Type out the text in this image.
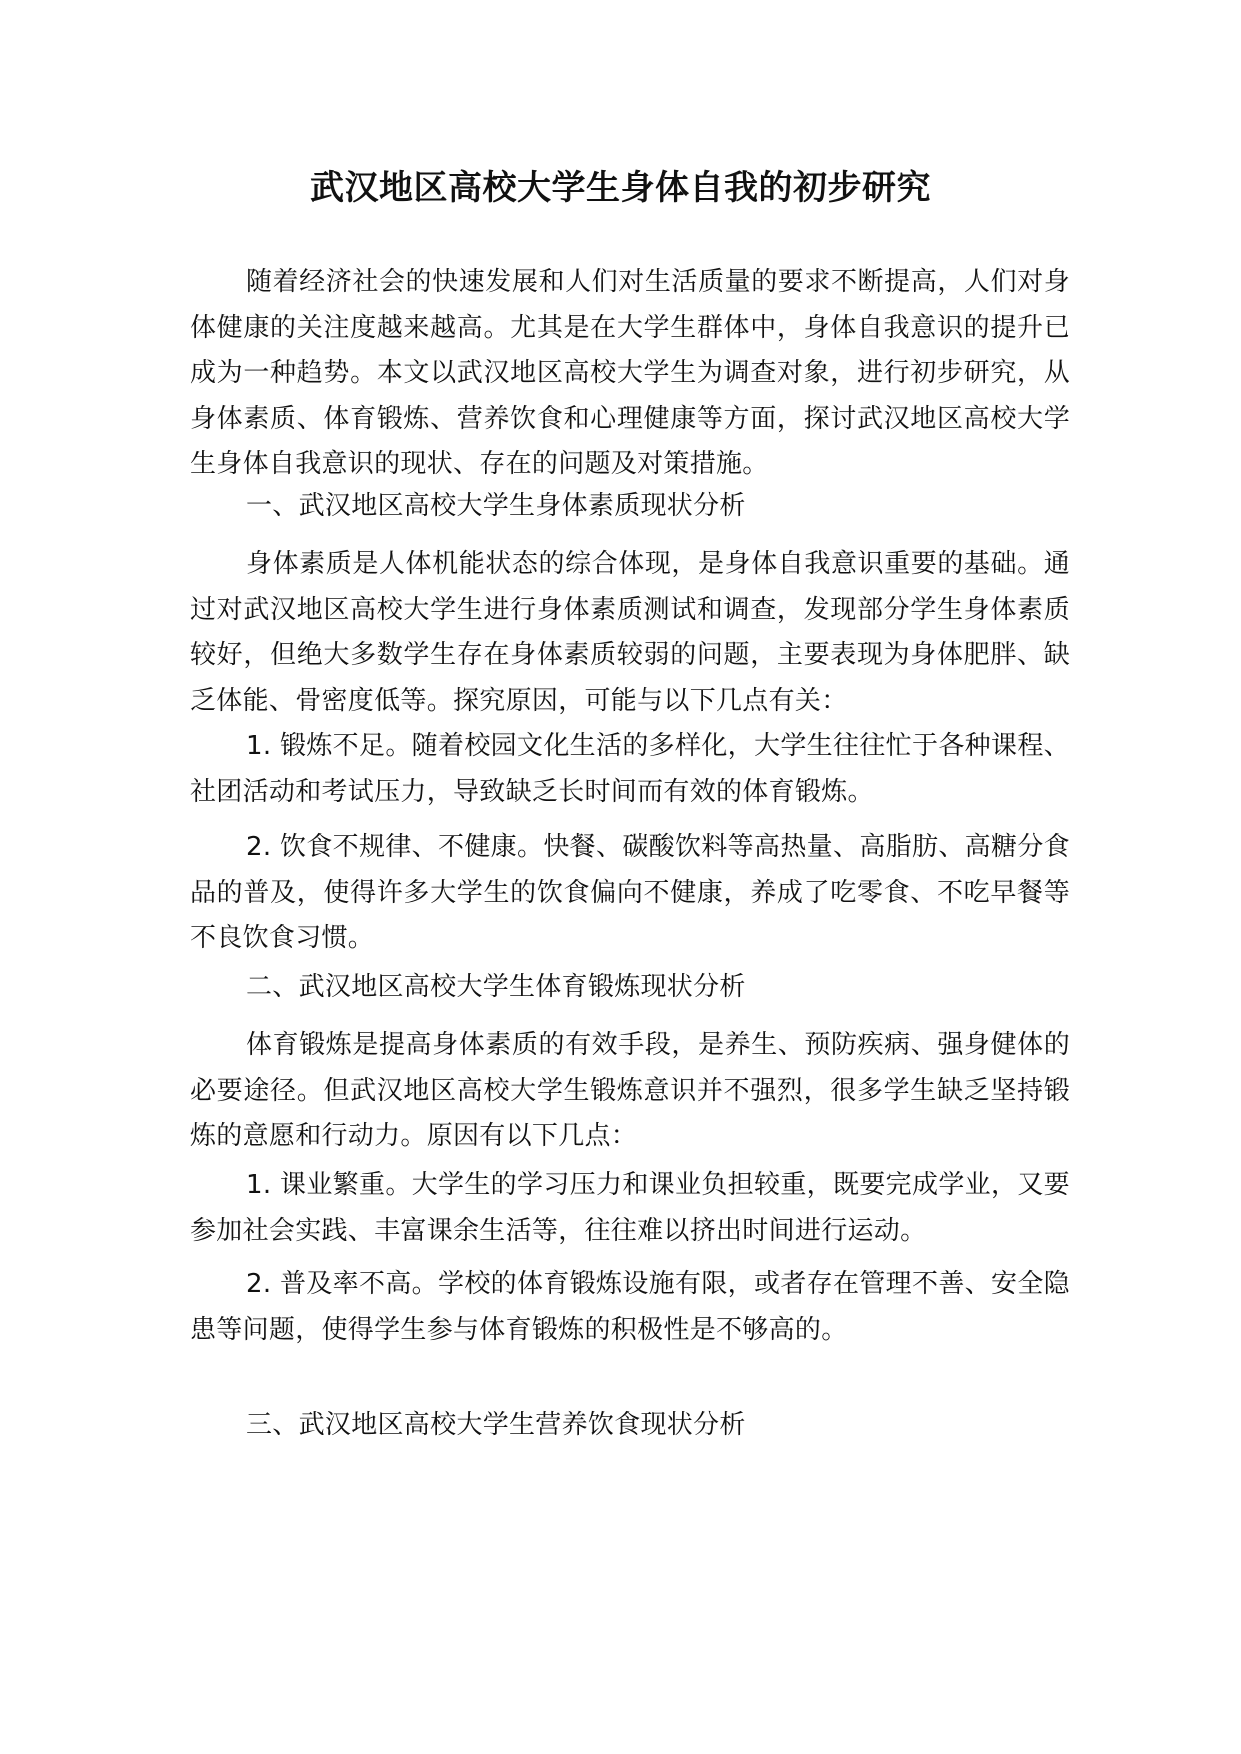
武汉地区高校大学生身体自我的初步研究
随着经济社会的快速发展和人们对生活质量的要求不断提高，人们对身体健康的关注度越来越高。尤其是在大学生群体中，身体自我意识的提升已成为一种趋势。本文以武汉地区高校大学生为调查对象，进行初步研究，从身体素质、体育锻炼、营养饮食和心理健康等方面，探讨武汉地区高校大学生身体自我意识的现状、存在的问题及对策措施。
一、武汉地区高校大学生身体素质现状分析
身体素质是人体机能状态的综合体现，是身体自我意识重要的基础。通过对武汉地区高校大学生进行身体素质测试和调查，发现部分学生身体素质较好，但绝大多数学生存在身体素质较弱的问题，主要表现为身体肥胖、缺乏体能、骨密度低等。探究原因，可能与以下几点有关：
1. 锻炼不足。随着校园文化生活的多样化，大学生往往忙于各种课程、社团活动和考试压力，导致缺乏长时间而有效的体育锻炼。
2. 饮食不规律、不健康。快餐、碳酸饮料等高热量、高脂肪、高糖分食品的普及，使得许多大学生的饮食偏向不健康，养成了吃零食、不吃早餐等不良饮食习惯。
二、武汉地区高校大学生体育锻炼现状分析
体育锻炼是提高身体素质的有效手段，是养生、预防疾病、强身健体的必要途径。但武汉地区高校大学生锻炼意识并不强烈，很多学生缺乏坚持锻炼的意愿和行动力。原因有以下几点：
1. 课业繁重。大学生的学习压力和课业负担较重，既要完成学业，又要参加社会实践、丰富课余生活等，往往难以挤出时间进行运动。
2. 普及率不高。学校的体育锻炼设施有限，或者存在管理不善、安全隐患等问题，使得学生参与体育锻炼的积极性是不够高的。
三、武汉地区高校大学生营养饮食现状分析
